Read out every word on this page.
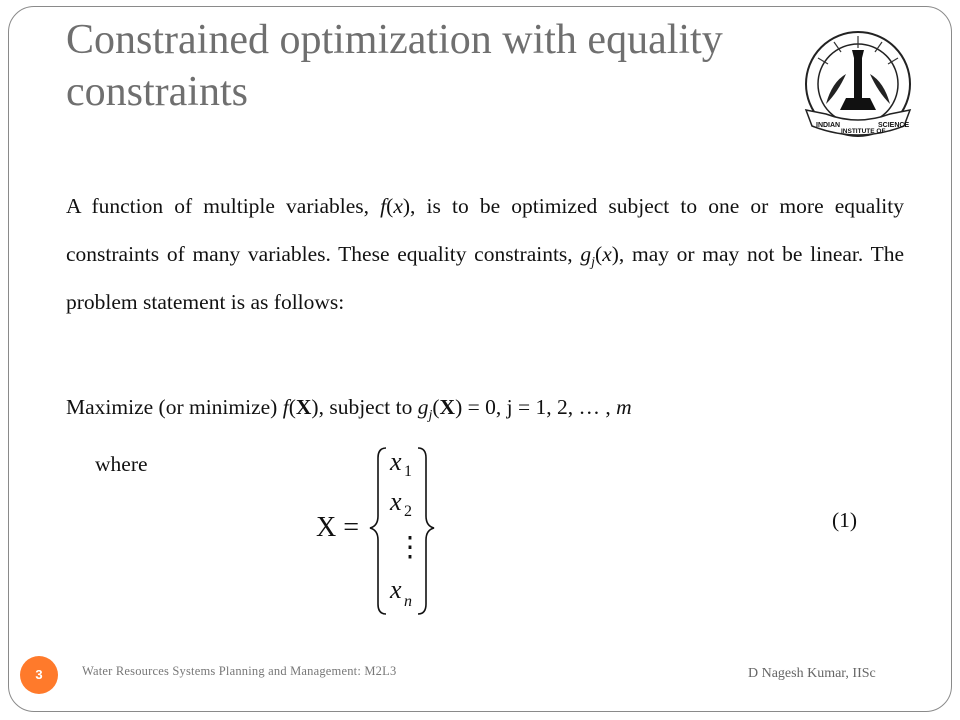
Constrained optimization with equality constraints
INDIAN
INSTITUTE OF
SCIENCE

A function of multiple variables, f(x), is to be optimized subject to one or more equality constraints of many variables. These equality constraints, $g_j(x)$, may or may not be linear. The problem statement is as follows:

Maximize (or minimize) f(X), subject to $g_j(X) = 0$, j = 1, 2, … , m
where
X =
x 1
x 2
⋮
x n
(1)
3	Water Resources Systems Planning and Management: M2L3	D Nagesh Kumar, IISc
